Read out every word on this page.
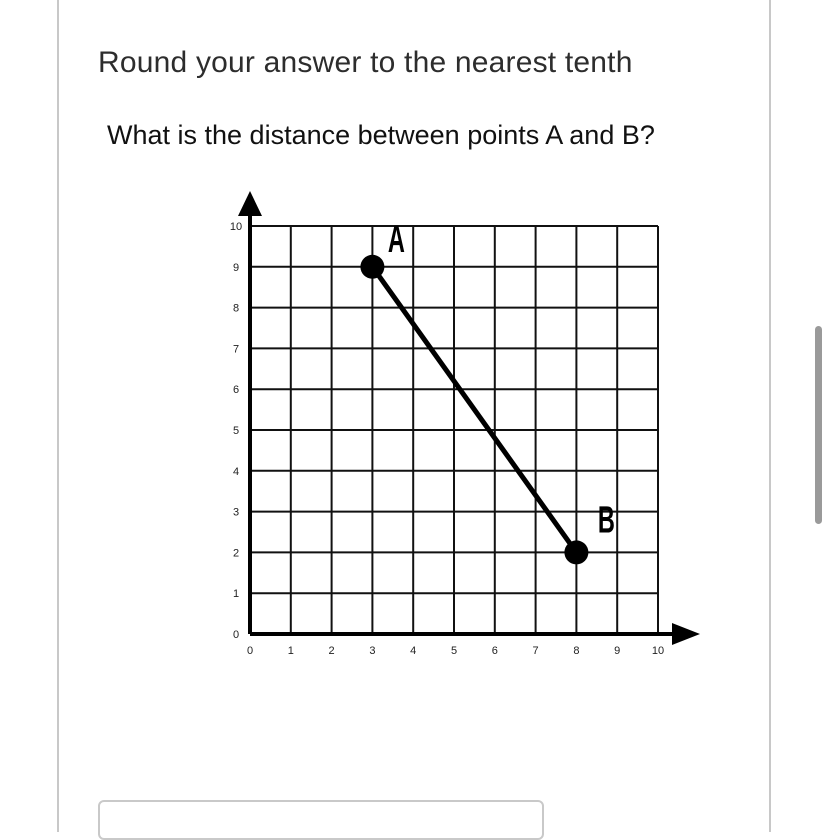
Round your answer to the nearest tenth
What is the distance between points A and B?
0	1	2	3	4	5	6	7	8	9	10
0
1
2
3
4
5
6
7
8
9
10	A
B
